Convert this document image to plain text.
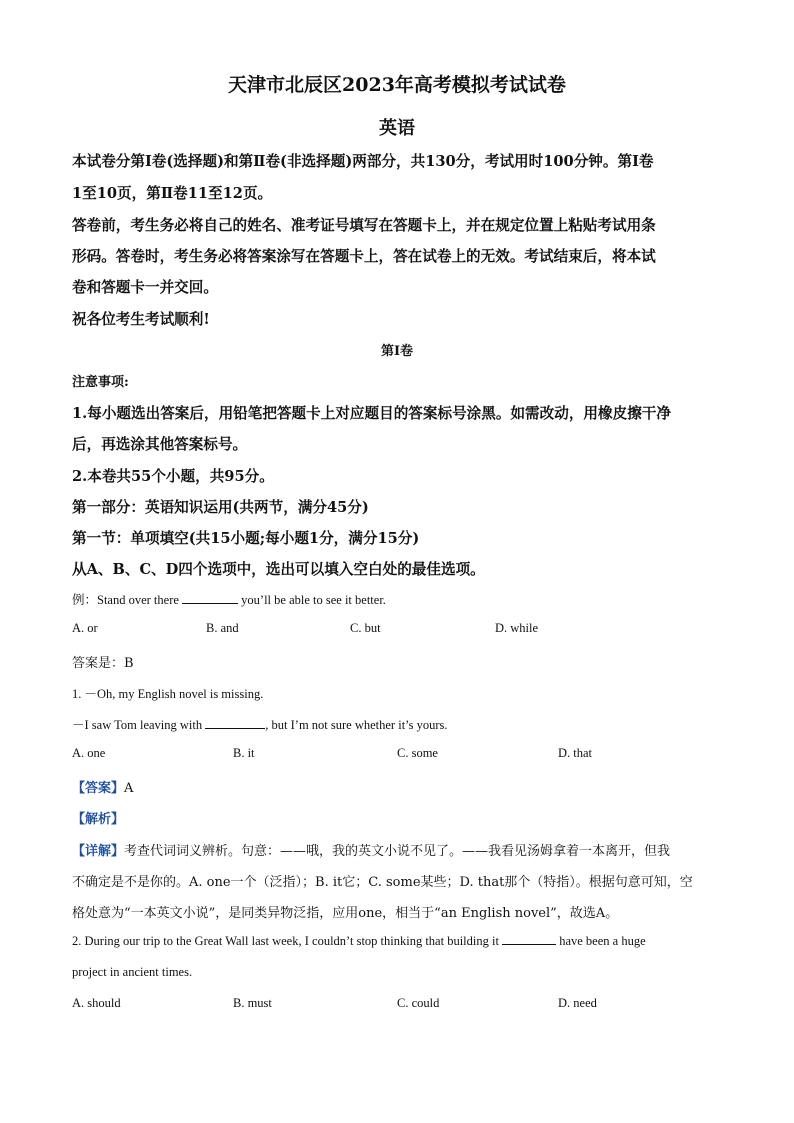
天津市北辰区2023年高考模拟考试试卷
英语
本试卷分第Ⅰ卷(选择题)和第Ⅱ卷(非选择题)两部分，共130分，考试用时100分钟。第Ⅰ卷
1至10页，第Ⅱ卷11至12页。
答卷前，考生务必将自己的姓名、准考证号填写在答题卡上，并在规定位置上粘贴考试用条
形码。答卷时，考生务必将答案涂写在答题卡上，答在试卷上的无效。考试结束后，将本试
卷和答题卡一并交回。
祝各位考生考试顺利!
第Ⅰ卷
注意事项:
1.每小题选出答案后，用铅笔把答题卡上对应题目的答案标号涂黑。如需改动，用橡皮擦干净
后，再选涂其他答案标号。
2.本卷共55个小题，共95分。
第一部分：英语知识运用(共两节，满分45分)
第一节：单项填空(共15小题;每小题1分，满分15分)
从A、B、C、D四个选项中，选出可以填入空白处的最佳选项。
例：Stand over there	you’ll be able to see it better.
A. or	B. and	C. but	D. while
答案是：B
1. －Oh, my English novel is missing.
－I saw Tom leaving with	, but I’m not sure whether it’s yours.
A. one	B. it	C. some	D. that
【答案】A
【解析】
【详解】考查代词词义辨析。句意：——哦，我的英文小说不见了。——我看见汤姆拿着一本离开，但我
不确定是不是你的。A. one一个（泛指）；B. it它；C. some某些；D. that那个（特指）。根据句意可知，空
格处意为“一本英文小说”，是同类异物泛指，应用one，相当于“an English novel”，故选A。
2. During our trip to the Great Wall last week, I couldn’t stop thinking that building it	have been a huge
project in ancient times.
A. should	B. must	C. could	D. need
